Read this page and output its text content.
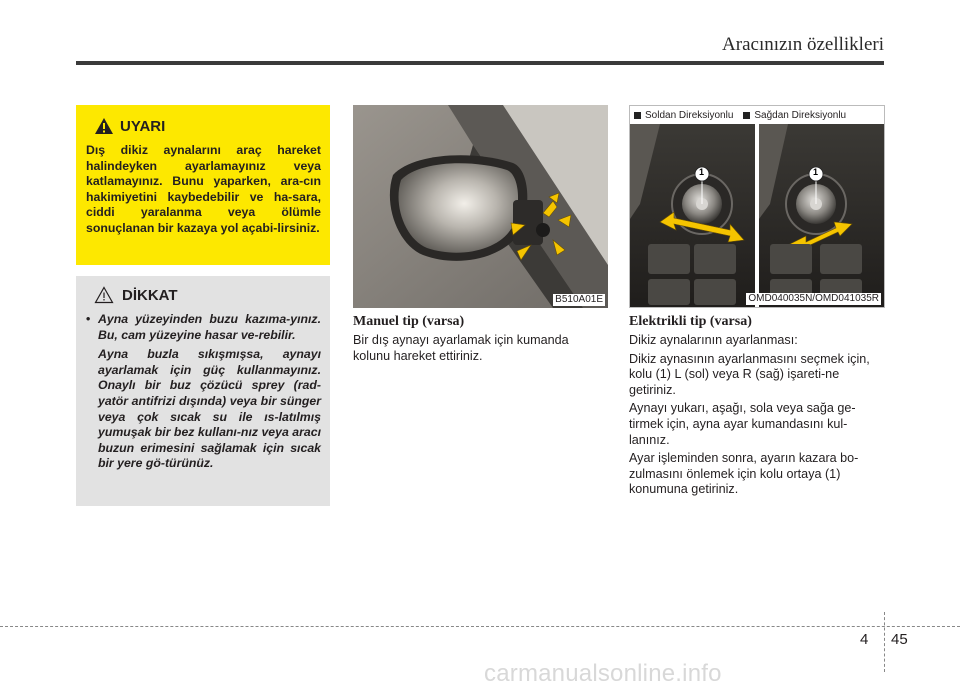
Aracınızın özellikleri
UYARI

Dış dikiz aynalarını araç hareket halindeyken ayarlamayınız veya katlamayınız. Bunu yaparken, ara-cın hakimiyetini kaybedebilir ve ha-sara, ciddi yaralanma veya ölümle sonuçlanan bir kazaya yol açabi-lirsiniz.

DİKKAT
• Ayna yüzeyinden buzu kazıma-yınız. Bu, cam yüzeyine hasar ve-rebilir.

Ayna buzla sıkışmışsa, aynayı ayarlamak için güç kullanmayınız. Onaylı bir buz çözücü sprey (rad-yatör antifrizi dışında) veya bir sünger veya çok sıcak su ile ıs-latılmış yumuşak bir bez kullanı-nız veya aracı buzun erimesini sağlamak için sıcak bir yere gö-türünüz.

B510A01E
Manuel tip (varsa)

Bir dış aynayı ayarlamak için kumanda kolunu hareket ettiriniz.

Soldan Direksiyonlu Sağdan Direksiyonlu
1	1
OMD040035N/OMD041035R
Elektrikli tip (varsa)

Dikiz aynalarının ayarlanması:

Dikiz aynasının ayarlanmasını seçmek için, kolu (1) L (sol) veya R (sağ) işareti-ne getiriniz.

Aynayı yukarı, aşağı, sola veya sağa ge-tirmek için, ayna ayar kumandasını kul-lanınız.

Ayar işleminden sonra, ayarın kazara bo-zulmasını önlemek için kolu ortaya (1) konumuna getiriniz.

4 45
carmanualsonline.info
